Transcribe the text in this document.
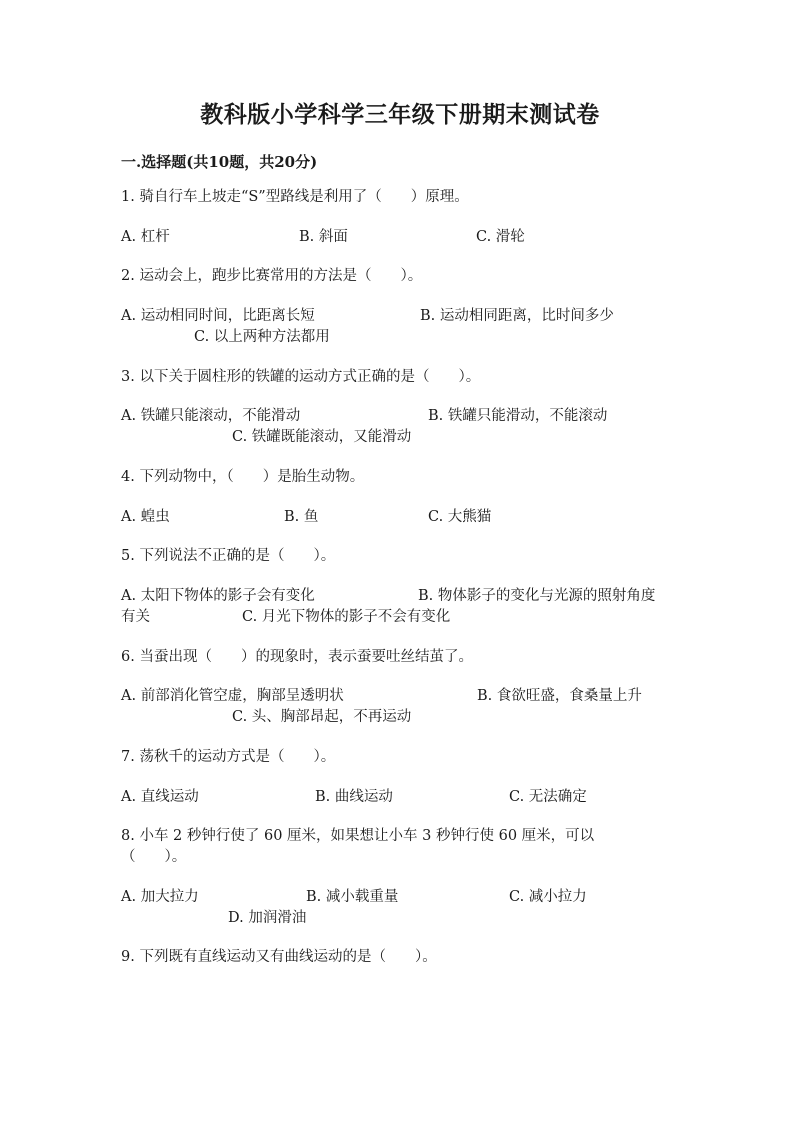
教科版小学科学三年级下册期末测试卷
一.选择题(共10题，共20分)
1. 骑自行车上坡走“S”型路线是利用了（　　）原理。
A. 杠杆	B. 斜面	C. 滑轮
2. 运动会上，跑步比赛常用的方法是（　　）。
A. 运动相同时间，比距离长短	B. 运动相同距离，比时间多少
C. 以上两种方法都用
3. 以下关于圆柱形的铁罐的运动方式正确的是（　　）。
A. 铁罐只能滚动，不能滑动	B. 铁罐只能滑动，不能滚动
C. 铁罐既能滚动，又能滑动
4. 下列动物中，（　　）是胎生动物。
A. 蝗虫	B. 鱼	C. 大熊猫
5. 下列说法不正确的是（　　）。
A. 太阳下物体的影子会有变化	B. 物体影子的变化与光源的照射角度
有关	C. 月光下物体的影子不会有变化
6. 当蚕出现（　　）的现象时，表示蚕要吐丝结茧了。
A. 前部消化管空虚，胸部呈透明状	B. 食欲旺盛，食桑量上升
C. 头、胸部昂起，不再运动
7. 荡秋千的运动方式是（　　）。
A. 直线运动	B. 曲线运动	C. 无法确定
8. 小车 2 秒钟行使了 60 厘米，如果想让小车 3 秒钟行使 60 厘米，可以
（　　）。
A. 加大拉力	B. 减小载重量	C. 减小拉力
D. 加润滑油
9. 下列既有直线运动又有曲线运动的是（　　）。
